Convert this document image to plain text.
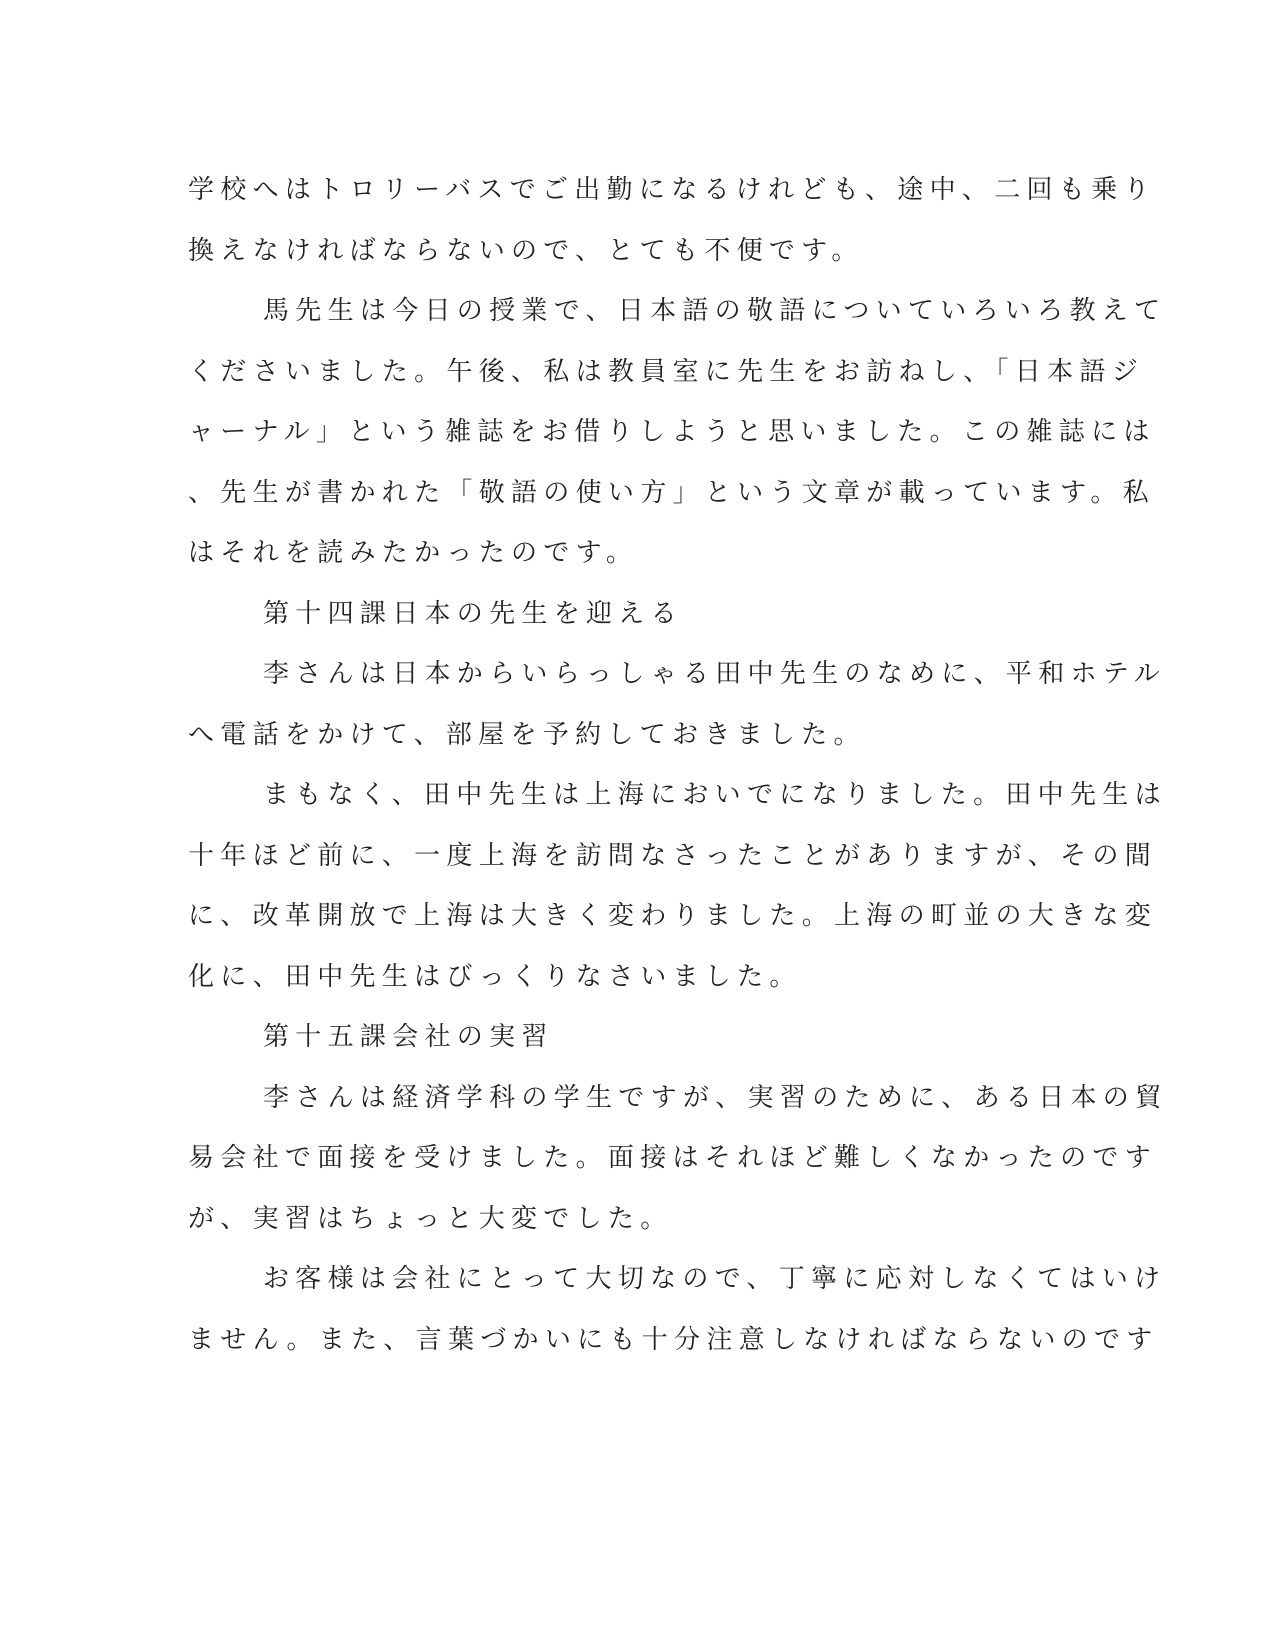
学校へはトロリーバスでご出勤になるけれども、途中、二回も乗り
換えなければならないので、とても不便です。
馬先生は今日の授業で、日本語の敬語についていろいろ教えて
くださいました。午後、私は教員室に先生をお訪ねし、「日本語ジ
ャーナル」という雑誌をお借りしようと思いました。この雑誌には
、先生が書かれた「敬語の使い方」という文章が載っています。私
はそれを読みたかったのです。
第十四課日本の先生を迎える
李さんは日本からいらっしゃる田中先生のなめに、平和ホテル
へ電話をかけて、部屋を予約しておきました。
まもなく、田中先生は上海においでになりました。田中先生は
十年ほど前に、一度上海を訪問なさったことがありますが、その間
に、改革開放で上海は大きく変わりました。上海の町並の大きな変
化に、田中先生はびっくりなさいました。
第十五課会社の実習
李さんは経済学科の学生ですが、実習のために、ある日本の貿
易会社で面接を受けました。面接はそれほど難しくなかったのです
が、実習はちょっと大変でした。
お客様は会社にとって大切なので、丁寧に応対しなくてはいけ
ません。また、言葉づかいにも十分注意しなければならないのです
